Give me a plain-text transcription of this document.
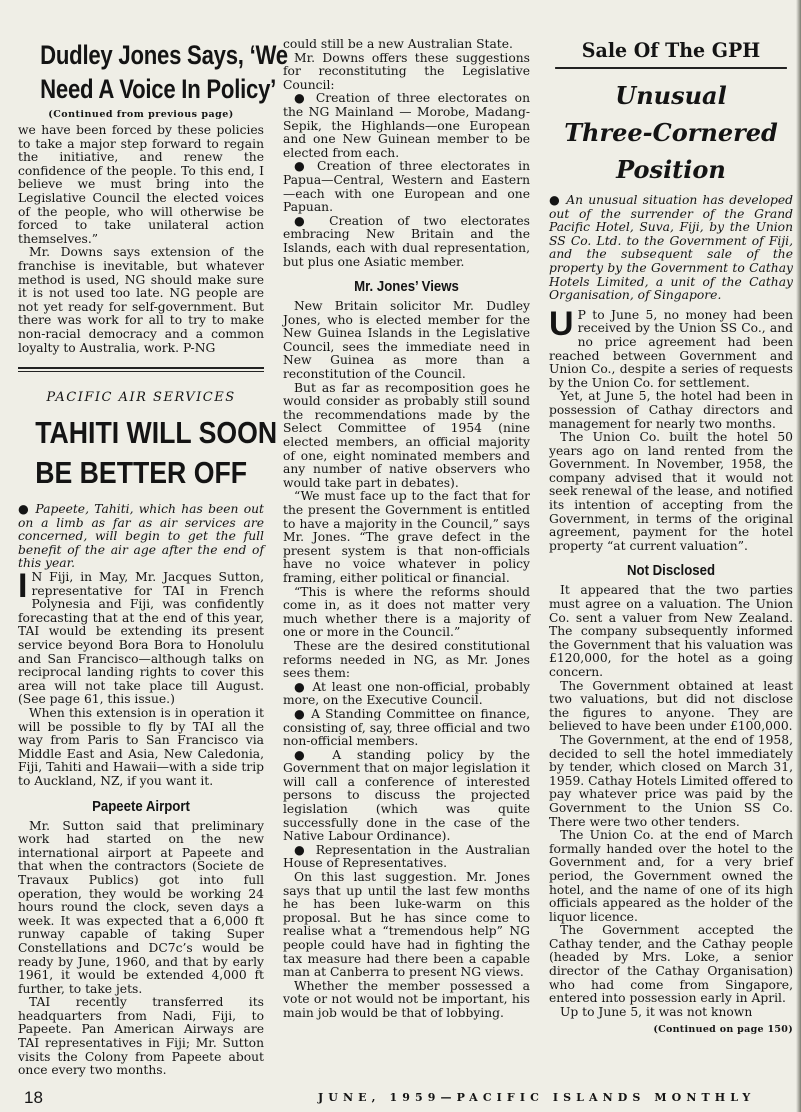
Dudley Jones Says, ‘We
Need A Voice In Policy’
(Continued from previous page)

we have been forced by these policies to take a major step forward to regain the initiative, and renew the confidence of the people. To this end, I believe we must bring into the Legislative Council the elected voices of the people, who will otherwise be forced to take unilateral action themselves.”

Mr. Downs says extension of the franchise is inevitable, but whatever method is used, NG should make sure it is not used too late. NG people are not yet ready for self-government. But there was work for all to try to make non-racial democracy and a common loyalty to Australia, work. P-NG

PACIFIC AIR SERVICES
TAHITI WILL SOON
BE BETTER OFF

● Papeete, Tahiti, which has been out on a limb as far as air services are concerned, will begin to get the full benefit of the air age after the end of this year.

I N Fiji, in May, Mr. Jacques Sutton, representative for TAI in French Polynesia and Fiji, was confidently forecasting that at the end of this year, TAI would be extending its present service beyond Bora Bora to Honolulu and San Francisco—although talks on reciprocal landing rights to cover this area will not take place till August. (See page 61, this issue.)

When this extension is in operation it will be possible to fly by TAI all the way from Paris to San Francisco via Middle East and Asia, New Caledonia, Fiji, Tahiti and Hawaii—with a side trip to Auckland, NZ, if you want it.

Papeete Airport

Mr. Sutton said that preliminary work had started on the new international airport at Papeete and that when the contractors (Societe de Travaux Publics) got into full operation, they would be working 24 hours round the clock, seven days a week. It was expected that a 6,000 ft runway capable of taking Super Constellations and DC7c’s would be ready by June, 1960, and that by early 1961, it would be extended 4,000 ft further, to take jets.

TAI recently transferred its headquarters from Nadi, Fiji, to Papeete. Pan American Airways are TAI representatives in Fiji; Mr. Sutton visits the Colony from Papeete about once every two months.

could still be a new Australian State.

Mr. Downs offers these suggestions for reconstituting the Legislative Council:

● Creation of three electorates on the NG Mainland — Morobe, Madang-Sepik, the Highlands—one European and one New Guinean member to be elected from each.

● Creation of three electorates in Papua—Central, Western and Eastern—each with one European and one Papuan.

● Creation of two electorates embracing New Britain and the Islands, each with dual representation, but plus one Asiatic member.

Mr. Jones’ Views

New Britain solicitor Mr. Dudley Jones, who is elected member for the New Guinea Islands in the Legislative Council, sees the immediate need in New Guinea as more than a reconstitution of the Council.

But as far as recomposition goes he would consider as probably still sound the recommendations made by the Select Committee of 1954 (nine elected members, an official majority of one, eight nominated members and any number of native observers who would take part in debates).

“We must face up to the fact that for the present the Government is entitled to have a majority in the Council,” says Mr. Jones. “The grave defect in the present system is that non-officials have no voice whatever in policy framing, either political or financial.

“This is where the reforms should come in, as it does not matter very much whether there is a majority of one or more in the Council.”

These are the desired constitutional reforms needed in NG, as Mr. Jones sees them:

● At least one non-official, probably more, on the Executive Council.

● A Standing Committee on finance, consisting of, say, three official and two non-official members.

● A standing policy by the Government that on major legislation it will call a conference of interested persons to discuss the projected legislation (which was quite successfully done in the case of the Native Labour Ordinance).

● Representation in the Australian House of Representatives.

On this last suggestion. Mr. Jones says that up until the last few months he has been luke-warm on this proposal. But he has since come to realise what a “tremendous help” NG people could have had in fighting the tax measure had there been a capable man at Canberra to present NG views.

Whether the member possessed a vote or not would not be important, his main job would be that of lobbying.

Sale Of The GPH
Unusual
Three-Cornered
Position

● An unusual situation has developed out of the surrender of the Grand Pacific Hotel, Suva, Fiji, by the Union SS Co. Ltd. to the Government of Fiji, and the subsequent sale of the property by the Government to Cathay Hotels Limited, a unit of the Cathay Organisation, of Singapore.

U P to June 5, no money had been received by the Union SS Co., and no price agreement had been reached between Government and Union Co., despite a series of requests by the Union Co. for settlement.

Yet, at June 5, the hotel had been in possession of Cathay directors and management for nearly two months.

The Union Co. built the hotel 50 years ago on land rented from the Government. In November, 1958, the company advised that it would not seek renewal of the lease, and notified its intention of accepting from the Government, in terms of the original agreement, payment for the hotel property “at current valuation”.

Not Disclosed

It appeared that the two parties must agree on a valuation. The Union Co. sent a valuer from New Zealand. The company subsequently informed the Government that his valuation was £120,000, for the hotel as a going concern.

The Government obtained at least two valuations, but did not disclose the figures to anyone. They are believed to have been under £100,000.

The Government, at the end of 1958, decided to sell the hotel immediately by tender, which closed on March 31, 1959. Cathay Hotels Limited offered to pay whatever price was paid by the Government to the Union SS Co. There were two other tenders.

The Union Co. at the end of March formally handed over the hotel to the Government and, for a very brief period, the Government owned the hotel, and the name of one of its high officials appeared as the holder of the liquor licence.

The Government accepted the Cathay tender, and the Cathay people (headed by Mrs. Loke, a senior director of the Cathay Organisation) who had come from Singapore, entered into possession early in April.

Up to June 5, it was not known

(Continued on page 150)
18	JUNE, 1959—PACIFIC ISLANDS MONTHLY
